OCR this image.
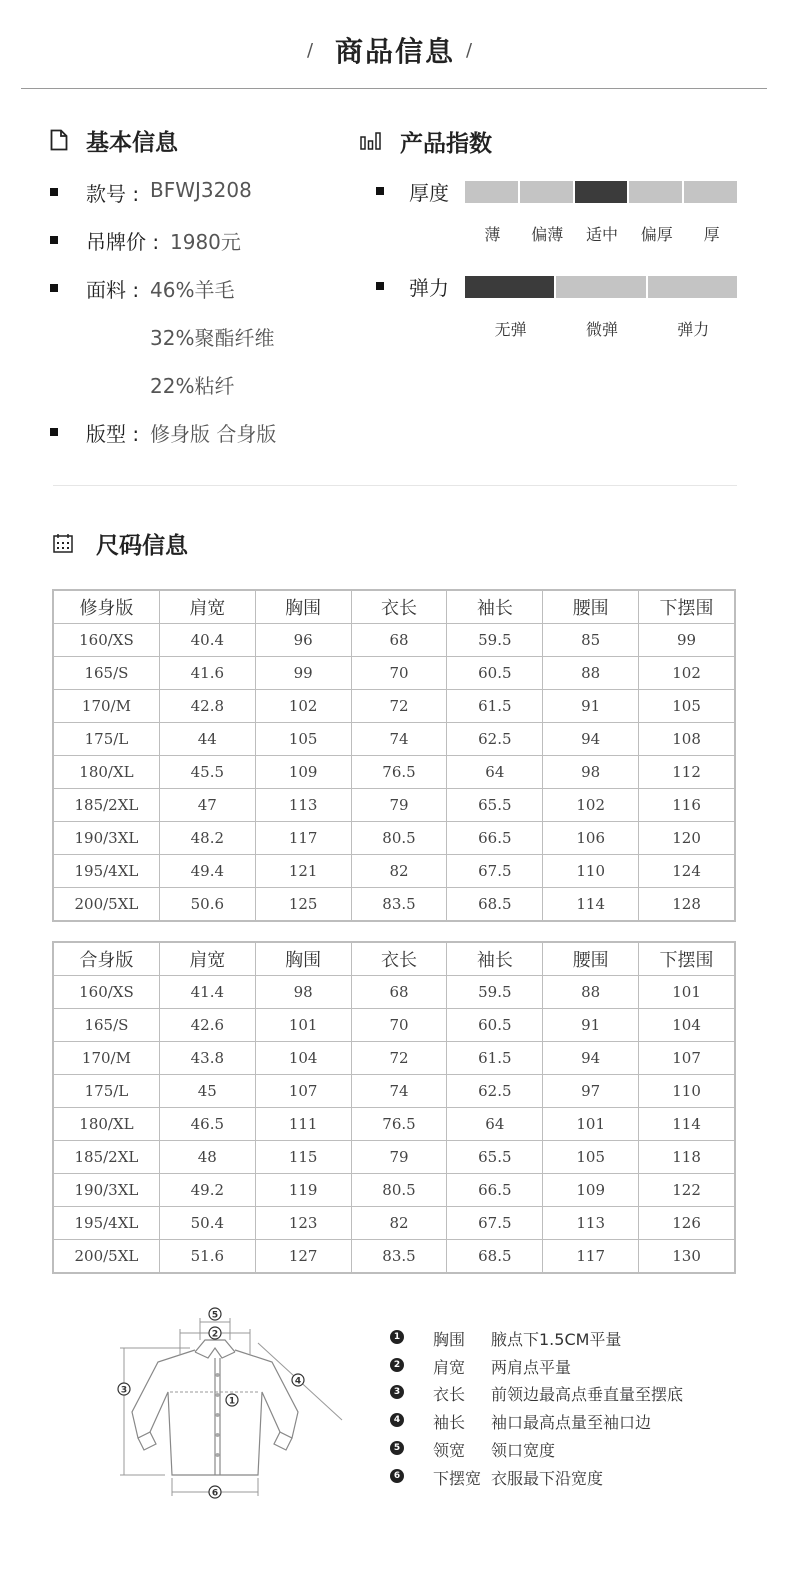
/ 商品信息 /
基本信息
款号 : BFWJ3208
吊牌价 : 1980元
面料 : 46%羊毛
32%聚酯纤维
22%粘纤
版型 : 修身版 合身版
产品指数
厚度
薄	偏薄	适中	偏厚	厚
弹力
无弹	微弹	弹力
尺码信息
修身版	肩宽	胸围	衣长	袖长	腰围	下摆围
160/XS	40.4	96	68	59.5	85	99
165/S	41.6	99	70	60.5	88	102
170/M	42.8	102	72	61.5	91	105
175/L	44	105	74	62.5	94	108
180/XL	45.5	109	76.5	64	98	112
185/2XL	47	113	79	65.5	102	116
190/3XL	48.2	117	80.5	66.5	106	120
195/4XL	49.4	121	82	67.5	110	124
200/5XL	50.6	125	83.5	68.5	114	128
合身版	肩宽	胸围	衣长	袖长	腰围	下摆围
160/XS	41.4	98	68	59.5	88	101
165/S	42.6	101	70	60.5	91	104
170/M	43.8	104	72	61.5	94	107
175/L	45	107	74	62.5	97	110
180/XL	46.5	111	76.5	64	101	114
185/2XL	48	115	79	65.5	105	118
190/3XL	49.2	119	80.5	66.5	109	122
195/4XL	50.4	123	82	67.5	113	126
200/5XL	51.6	127	83.5	68.5	117	130
5
2
3
1
4
6
1 胸围 腋点下1.5CM平量
2 肩宽 两肩点平量
3 衣长 前领边最高点垂直量至摆底
4 袖长 袖口最高点量至袖口边
5 领宽 领口宽度
6 下摆宽 衣服最下沿宽度
